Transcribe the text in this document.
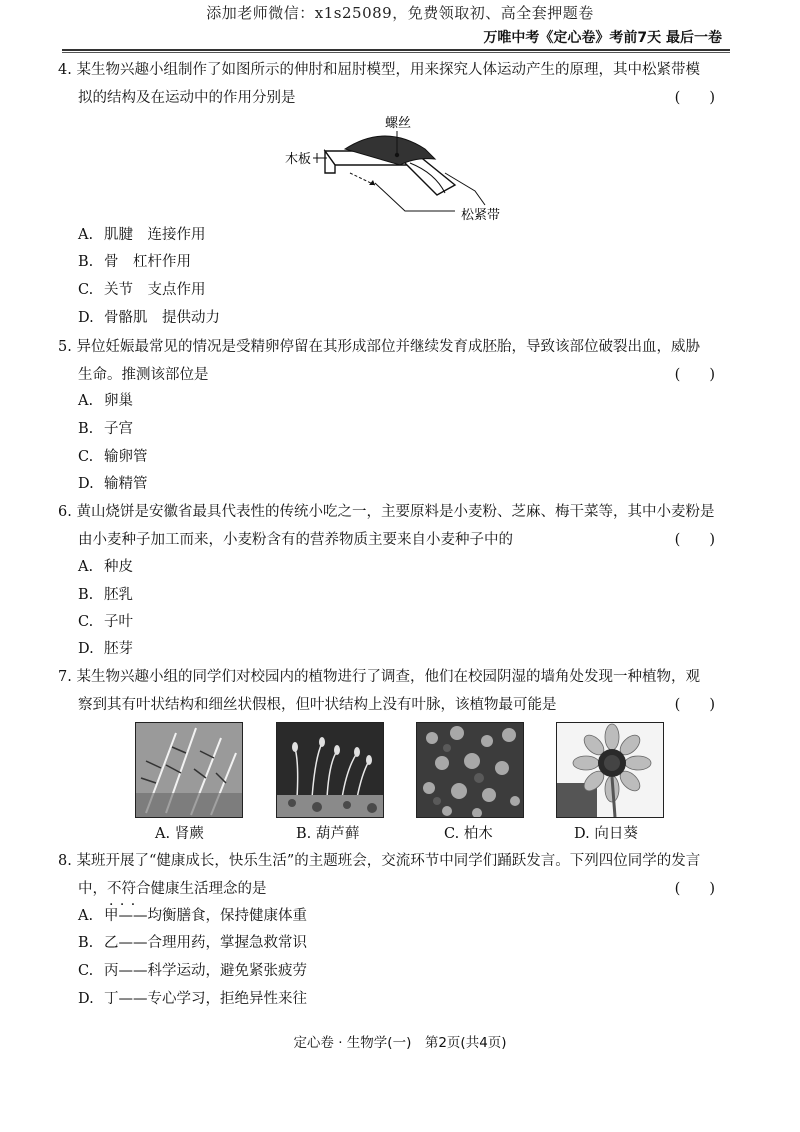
添加老师微信：x1s25089，免费领取初、高全套押题卷
万唯中考《定心卷》考前7天 最后一卷
4. 某生物兴趣小组制作了如图所示的伸肘和屈肘模型，用来探究人体运动产生的原理，其中松紧带模
拟的结构及在运动中的作用分别是	(　　)
螺丝
木板
松紧带
A. 肌腱　连接作用
B. 骨　杠杆作用
C. 关节　支点作用
D. 骨骼肌　提供动力
5. 异位妊娠最常见的情况是受精卵停留在其形成部位并继续发育成胚胎，导致该部位破裂出血，威胁
生命。推测该部位是	(　　)
A. 卵巢
B. 子宫
C. 输卵管
D. 输精管
6. 黄山烧饼是安徽省最具代表性的传统小吃之一，主要原料是小麦粉、芝麻、梅干菜等，其中小麦粉是
由小麦种子加工而来，小麦粉含有的营养物质主要来自小麦种子中的	(　　)
A. 种皮
B. 胚乳
C. 子叶
D. 胚芽
7. 某生物兴趣小组的同学们对校园内的植物进行了调查，他们在校园阴湿的墙角处发现一种植物，观
察到其有叶状结构和细丝状假根，但叶状结构上没有叶脉，该植物最可能是	(　　)
A. 肾蕨	B. 葫芦藓	C. 柏木	D. 向日葵
8. 某班开展了“健康成长，快乐生活”的主题班会，交流环节中同学们踊跃发言。下列四位同学的发言
中，不符合 · · ·健康生活理念的是	(　　)
A. 甲——均衡膳食，保持健康体重
B. 乙——合理用药，掌握急救常识
C. 丙——科学运动，避免紧张疲劳
D. 丁——专心学习，拒绝异性来往
定心卷 · 生物学(一)　第2页(共4页)
